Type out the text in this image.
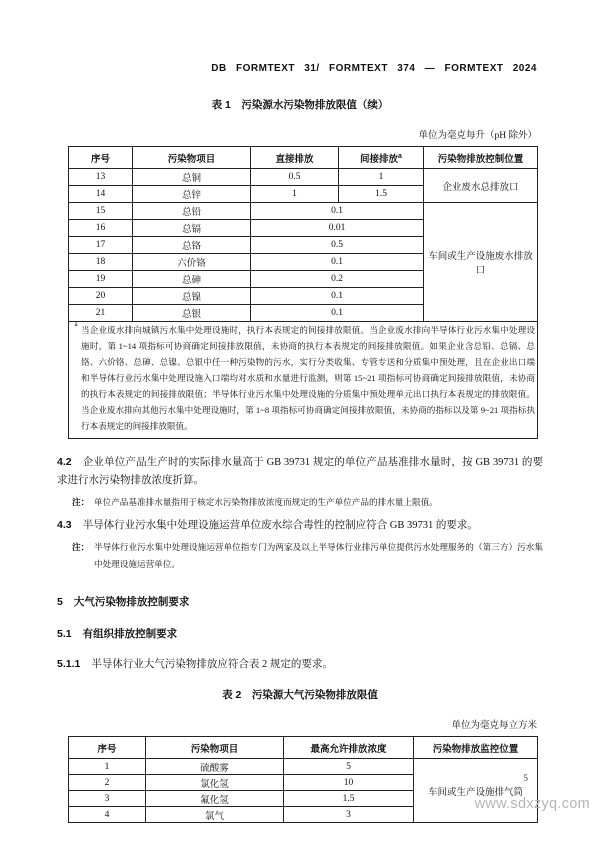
DB FORMTEXT 31/ FORMTEXT 374 — FORMTEXT 2024
表 1　污染源水污染物排放限值（续）
单位为毫克每升（pH 除外）
序号	污染物项目	直接排放	间接排放$^a$	污染物排放控制位置
13	总铜	0.5	1	企业废水总排放口
14	总锌	1	1.5	
15	总铅	0.1		车间或生产设施废水排放口
16	总镉	0.01		
17	总铬	0.5		
18	六价铬	0.1		
19	总砷	0.2		
20	总镍	0.1		
21	总银	0.1		

a
当企业废水排向城镇污水集中处理设施时，执行本表规定的间接排放限值。当企业废水排向半导体行业污水集中处理设施时，第 1~14 项指标可协商确定间接排放限值，未协商的执行本表规定的间接排放限值。如果企业含总铅、总镉、总铬、六价铬、总砷、总镍、总银中任一种污染物的污水，实行分类收集、专管专送和分质集中预处理，且在企业出口端和半导体行业污水集中处理设施入口端均对水质和水量进行监测，则第 15~21 项指标可协商确定间接排放限值，未协商的执行本表规定的间接排放限值；半导体行业污水集中处理设施的分质集中预处理单元出口执行本表规定的排放限值。当企业废水排向其他污水集中处理设施时，第 1~8 项指标可协商确定间接排放限值，未协商的指标以及第 9~21 项指标执行本表规定的间接排放限值。				

4.2 企业单位产品生产时的实际排水量高于 GB 39731 规定的单位产品基准排水量时，按 GB 39731 的要求进行水污染物排放浓度折算。

注： 单位产品基准排水量指用于核定水污染物排放浓度而规定的生产单位产品的排水量上限值。

4.3 半导体行业污水集中处理设施运营单位废水综合毒性的控制应符合 GB 39731 的要求。

注： 半导体行业污水集中处理设施运营单位指专门为两家及以上半导体行业排污单位提供污水处理服务的（第三方）污水集中处理设施运营单位。
5 大气污染物排放控制要求
5.1 有组织排放控制要求

5.1.1 半导体行业大气污染物排放应符合表 2 规定的要求。

表 2　污染源大气污染物排放限值
单位为毫克每立方米
序号	污染物项目	最高允许排放浓度	污染物排放监控位置
1	硫酸雾	5	车间或生产设施排气筒
2	氯化氢	10	
3	氟化氢	1.5	
4	氯气	3	
5
www.sdxzyq.com
